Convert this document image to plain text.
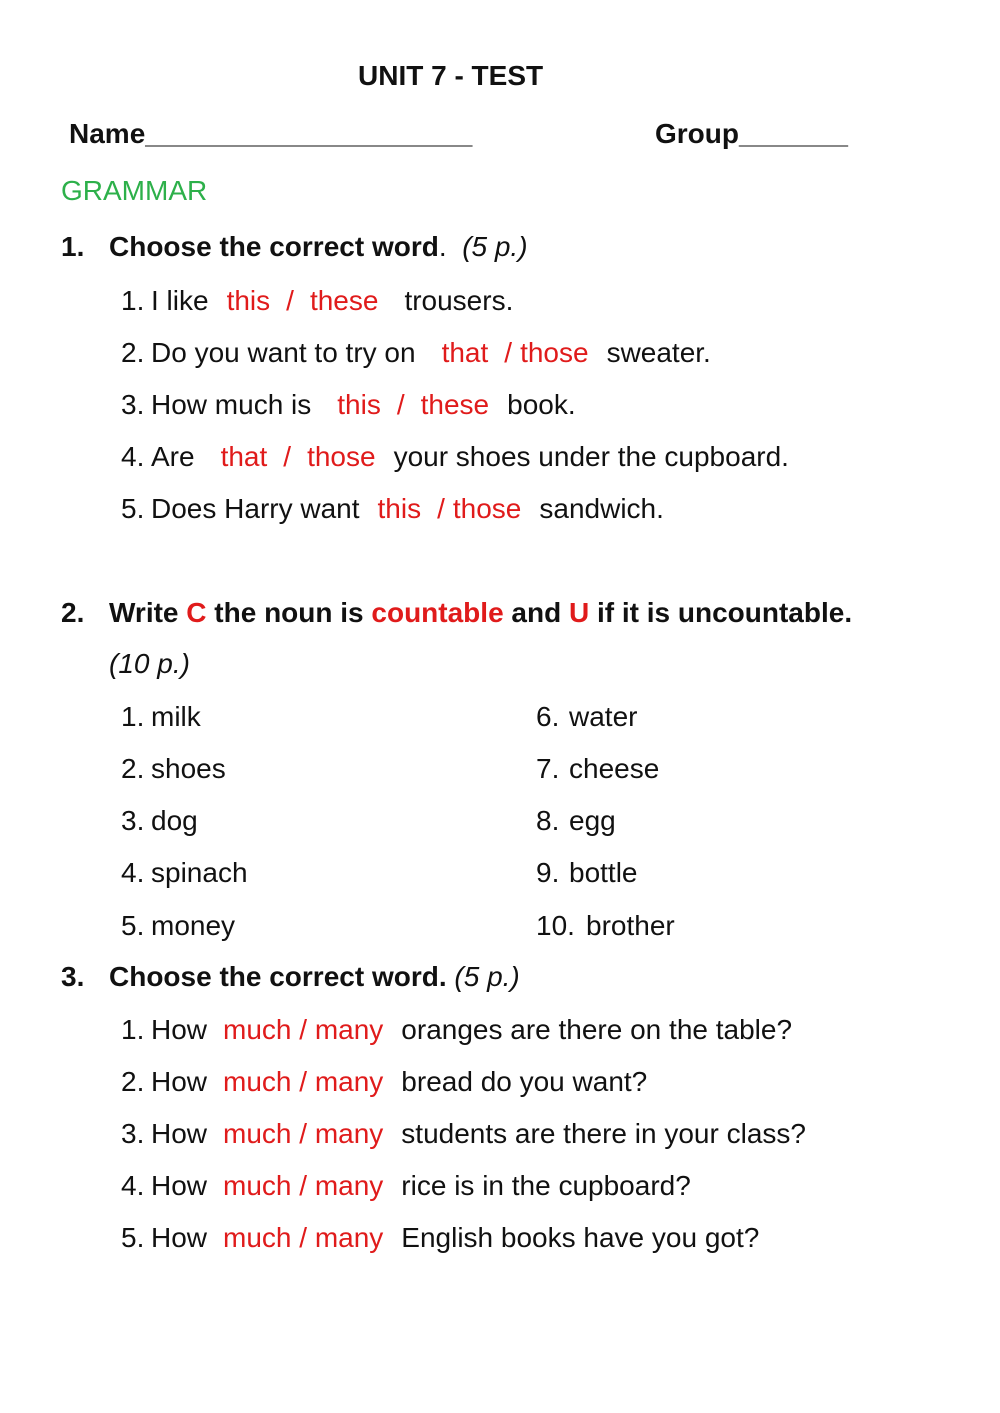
UNIT 7 - TEST
Name_____________________	Group_______
GRAMMAR
1. Choose the correct word. (5 p.)
1. I like this / these trousers.
2. Do you want to try on that / those sweater.
3. How much is this / these book.
4. Are that / those your shoes under the cupboard.
5. Does Harry want this / those sandwich.
2. Write C the noun is countable and U if it is uncountable.
(10 p.)
1. milk
2. shoes
3. dog
4. spinach
5. money
6. water
7. cheese
8. egg
9. bottle
10. brother
3. Choose the correct word. (5 p.)
1. How much / many oranges are there on the table?
2. How much / many bread do you want?
3. How much / many students are there in your class?
4. How much / many rice is in the cupboard?
5. How much / many English books have you got?
